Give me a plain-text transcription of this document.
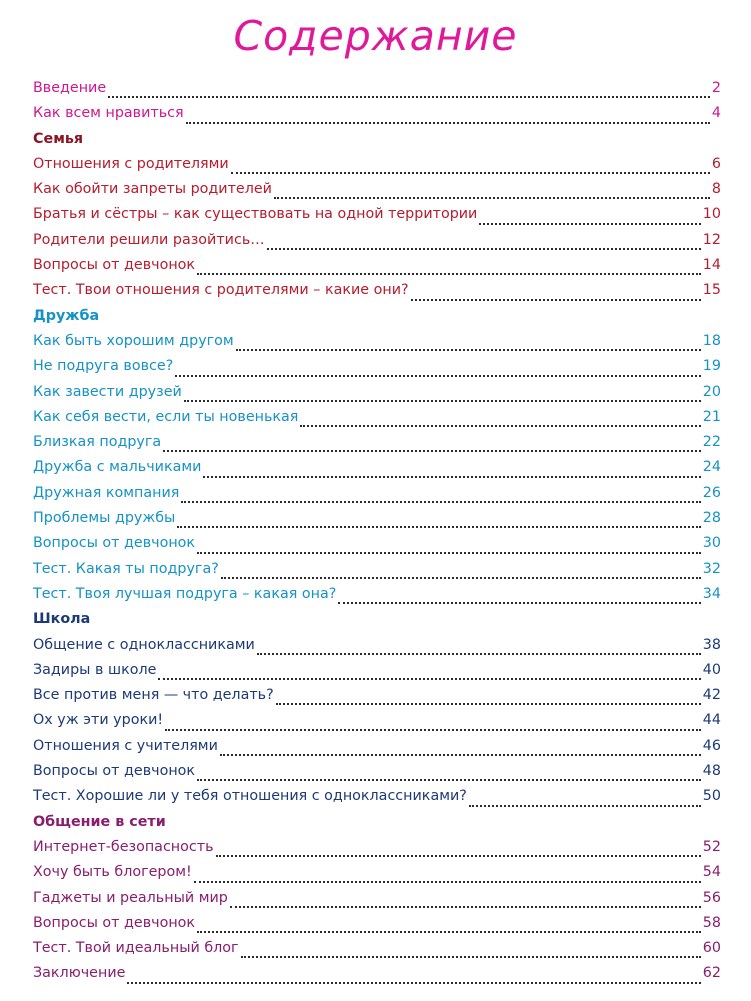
Содержание
Введение	2
Как всем нравиться	4
Семья
Отношения с родителями	6
Как обойти запреты родителей	8
Братья и сёстры – как существовать на одной территории	10
Родители решили разойтись…	12
Вопросы от девчонок	14
Тест. Твои отношения с родителями – какие они?	15
Дружба
Как быть хорошим другом	18
Не подруга вовсе?	19
Как завести друзей	20
Как себя вести, если ты новенькая	21
Близкая подруга	22
Дружба с мальчиками	24
Дружная компания	26
Проблемы дружбы	28
Вопросы от девчонок	30
Тест. Какая ты подруга?	32
Тест. Твоя лучшая подруга – какая она?	34
Школа
Общение с одноклассниками	38
Задиры в школе	40
Все против меня — что делать?	42
Ох уж эти уроки!	44
Отношения с учителями	46
Вопросы от девчонок	48
Тест. Хорошие ли у тебя отношения с одноклассниками?	50
Общение в сети
Интернет-безопасность	52
Хочу быть блогером!	54
Гаджеты и реальный мир	56
Вопросы от девчонок	58
Тест. Твой идеальный блог	60
Заключение	62
